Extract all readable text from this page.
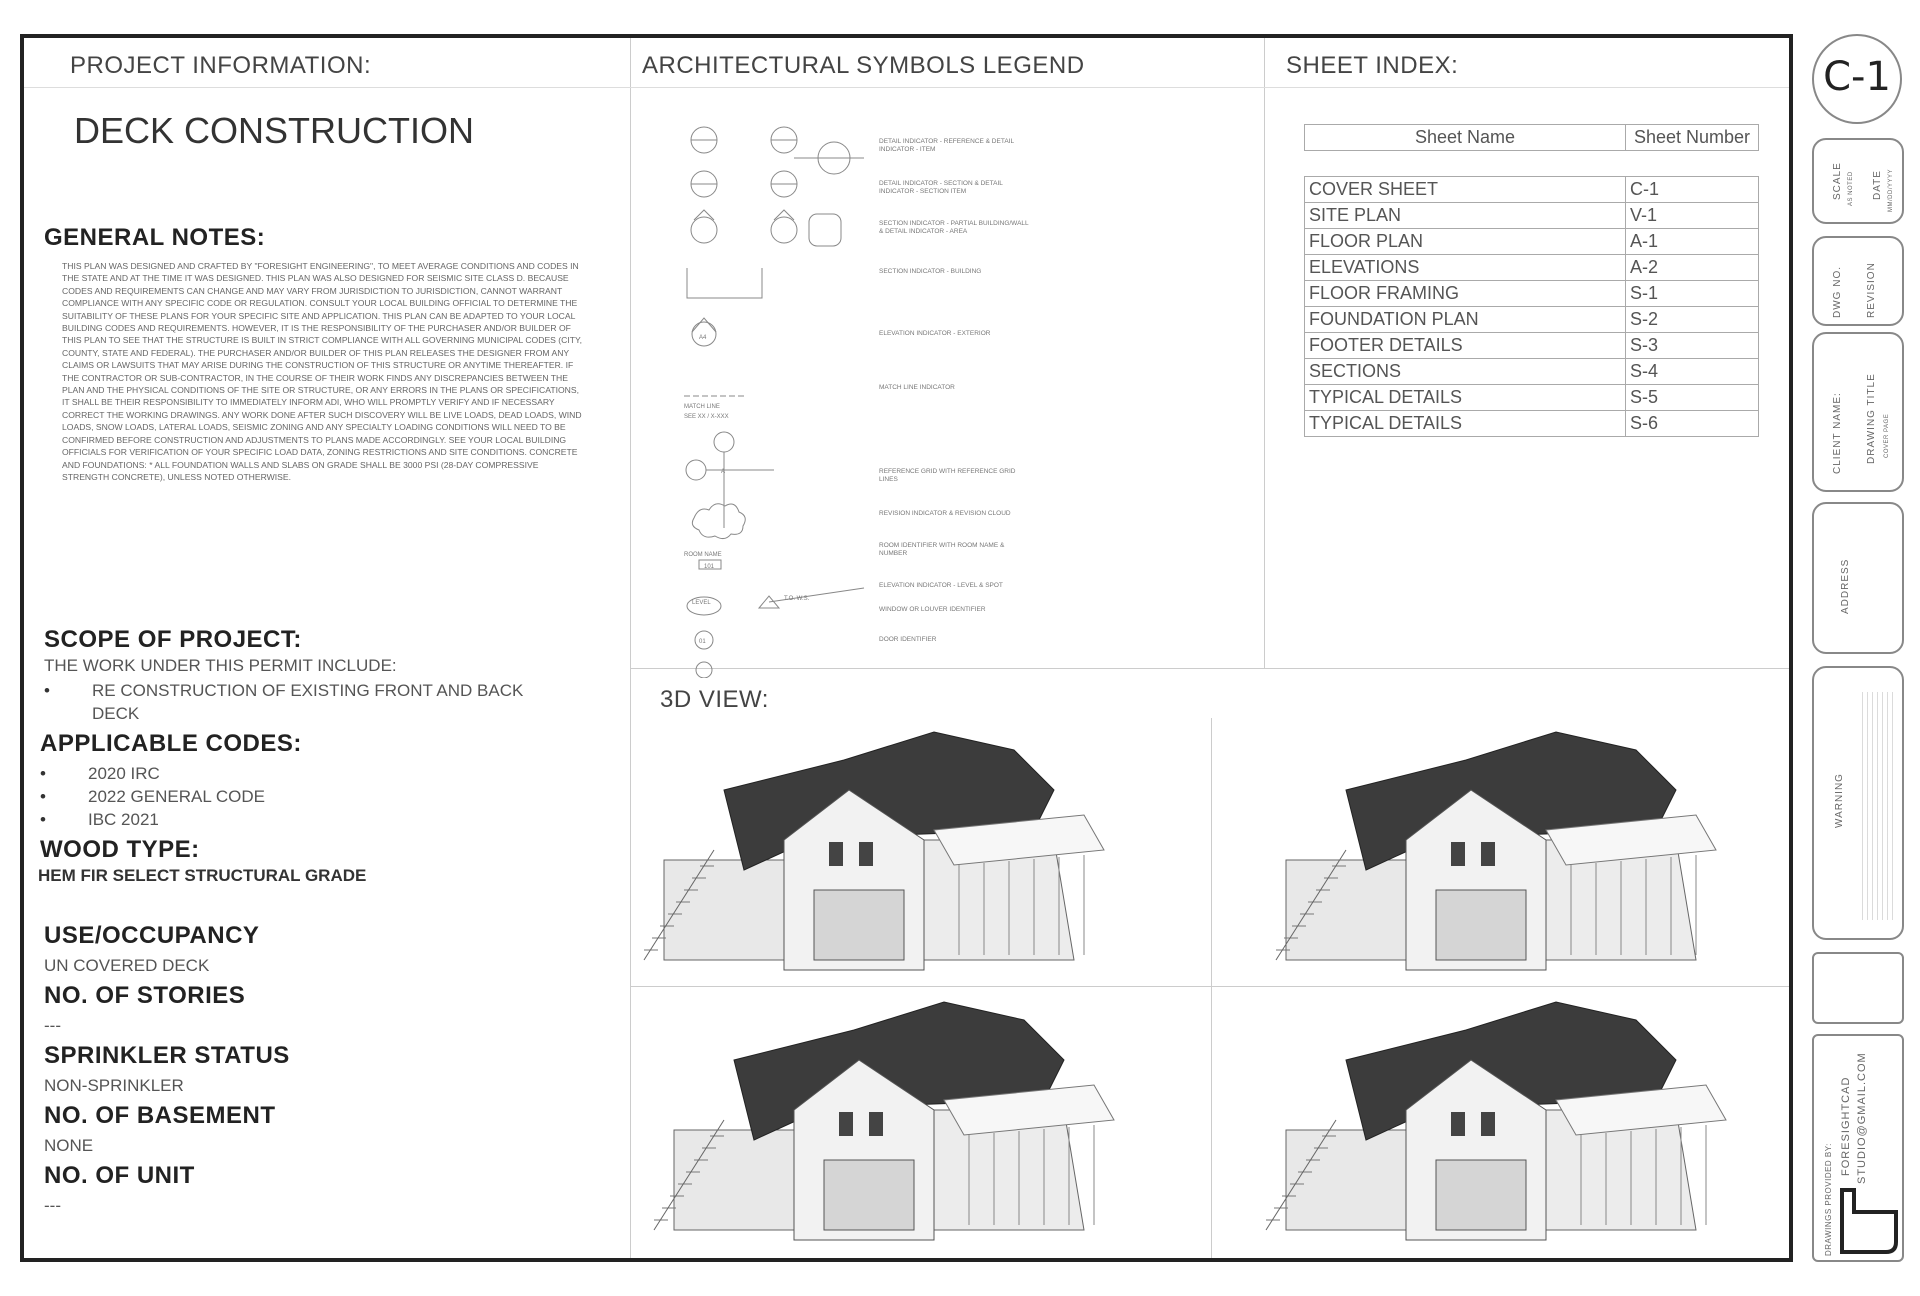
PROJECT INFORMATION:	ARCHITECTURAL SYMBOLS LEGEND	SHEET INDEX:
3D VIEW:
DECK CONSTRUCTION
GENERAL NOTES:
THIS PLAN WAS DESIGNED AND CRAFTED BY "FORESIGHT ENGINEERING", TO MEET AVERAGE CONDITIONS AND CODES IN THE STATE AND AT THE TIME IT WAS DESIGNED. THIS PLAN WAS ALSO DESIGNED FOR SEISMIC SITE CLASS D. BECAUSE CODES AND REQUIREMENTS CAN CHANGE AND MAY VARY FROM JURISDICTION TO JURISDICTION, CANNOT WARRANT COMPLIANCE WITH ANY SPECIFIC CODE OR REGULATION. CONSULT YOUR LOCAL BUILDING OFFICIAL TO DETERMINE THE SUITABILITY OF THESE PLANS FOR YOUR SPECIFIC SITE AND APPLICATION. THIS PLAN CAN BE ADAPTED TO YOUR LOCAL BUILDING CODES AND REQUIREMENTS. HOWEVER, IT IS THE RESPONSIBILITY OF THE PURCHASER AND/OR BUILDER OF THIS PLAN TO SEE THAT THE STRUCTURE IS BUILT IN STRICT COMPLIANCE WITH ALL GOVERNING MUNICIPAL CODES (CITY, COUNTY, STATE AND FEDERAL). THE PURCHASER AND/OR BUILDER OF THIS PLAN RELEASES THE DESIGNER FROM ANY CLAIMS OR LAWSUITS THAT MAY ARISE DURING THE CONSTRUCTION OF THIS STRUCTURE OR ANYTIME THEREAFTER. IF THE CONTRACTOR OR SUB-CONTRACTOR, IN THE COURSE OF THEIR WORK FINDS ANY DISCREPANCIES BETWEEN THE PLAN AND THE PHYSICAL CONDITIONS OF THE SITE OR STRUCTURE, OR ANY ERRORS IN THE PLANS OR SPECIFICATIONS, IT SHALL BE THEIR RESPONSIBILITY TO IMMEDIATELY INFORM ADI, WHO WILL PROMPTLY VERIFY AND IF NECESSARY CORRECT THE WORKING DRAWINGS. ANY WORK DONE AFTER SUCH DISCOVERY WILL BE LIVE LOADS, DEAD LOADS, WIND LOADS, SNOW LOADS, LATERAL LOADS, SEISMIC ZONING AND ANY SPECIALTY LOADING CONDITIONS WILL NEED TO BE CONFIRMED BEFORE CONSTRUCTION AND ADJUSTMENTS TO PLANS MADE ACCORDINGLY. SEE YOUR LOCAL BUILDING OFFICIALS FOR VERIFICATION OF YOUR SPECIFIC LOAD DATA, ZONING RESTRICTIONS AND SITE CONDITIONS. CONCRETE AND FOUNDATIONS: * ALL FOUNDATION WALLS AND SLABS ON GRADE SHALL BE 3000 PSI (28-DAY COMPRESSIVE STRENGTH CONCRETE), UNLESS NOTED OTHERWISE.
SCOPE OF PROJECT:
THE WORK UNDER THIS PERMIT INCLUDE:
• RE CONSTRUCTION OF EXISTING FRONT AND BACK DECK
APPLICABLE CODES:
• 2020 IRC
• 2022 GENERAL CODE
• IBC 2021
WOOD TYPE:
HEM FIR SELECT STRUCTURAL GRADE
USE/OCCUPANCY
UN COVERED DECK
NO. OF STORIES
---
SPRINKLER STATUS
NON-SPRINKLER
NO. OF BASEMENT
NONE
NO. OF UNIT
---
A4
A
01
MATCH LINE
SEE XX / X-XXX
ROOM NAME
101
LEVEL
T.O. W.S.
DETAIL INDICATOR - REFERENCE & DETAIL INDICATOR - ITEM
DETAIL INDICATOR - SECTION & DETAIL INDICATOR - SECTION ITEM
SECTION INDICATOR - PARTIAL BUILDING/WALL & DETAIL INDICATOR - AREA
SECTION INDICATOR - BUILDING
ELEVATION INDICATOR - EXTERIOR
MATCH LINE INDICATOR
REFERENCE GRID WITH REFERENCE GRID LINES
REVISION INDICATOR & REVISION CLOUD
ROOM IDENTIFIER WITH ROOM NAME & NUMBER
ELEVATION INDICATOR - LEVEL & SPOT
WINDOW OR LOUVER IDENTIFIER
DOOR IDENTIFIER
Sheet Name	Sheet Number

COVER SHEET	C-1
SITE PLAN	V-1
FLOOR PLAN	A-1
ELEVATIONS	A-2
FLOOR FRAMING	S-1
FOUNDATION PLAN	S-2
FOOTER DETAILS	S-3
SECTIONS	S-4
TYPICAL DETAILS	S-5
TYPICAL DETAILS	S-6
C-1
SCALE AS NOTED DATE MM/DD/YYYY
DWG NO. REVISION
CLIENT NAME: DRAWING TITLE COVER PAGE
ADDRESS
WARNING
DRAWINGS PROVIDED BY:
FORESIGHTCAD STUDIO@GMAIL.COM
